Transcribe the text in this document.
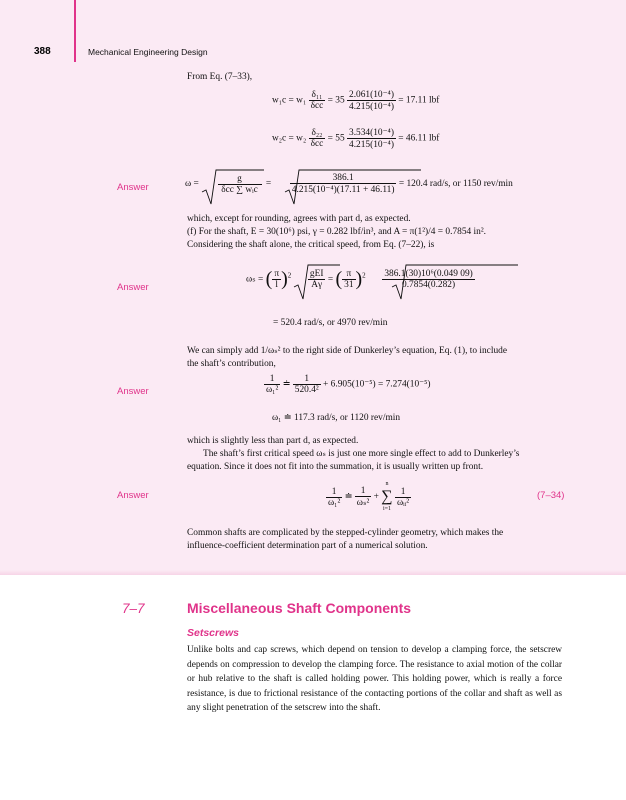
388	Mechanical Engineering Design
From Eq. (7–33),
$w_1c = w_1 \frac{\text{δ₁₁}}{\text{δcc}} = 35 \frac{\text{2.061(10⁻⁴)}}{\text{4.215(10⁻⁴)}} = 17.11$ lbf
$w_2c = w_2 \frac{\text{δ₂₂}}{\text{δcc}} = 55 \frac{\text{3.534(10⁻⁴)}}{\text{4.215(10⁻⁴)}} = 46.11$ lbf
Answer	$\omega = \frac{g}{\text{δcc ∑ wᵢc}} = \frac{386.1}{\text{4.215(10⁻⁴)(17.11 + 46.11)}} = 120.4$ rad/s, or 1150 rev/min
which, except for rounding, agrees with part d, as expected.
(f) For the shaft, E = 30(10⁶) psi, γ = 0.282 lbf/in³, and A = π(1²)/4 = 0.7854 in².
Considering the shaft alone, the critical speed, from Eq. (7–22), is
Answer
ωₛ = ( $\frac{\pi}{l} )^2 \frac{\text{gEI}}{A\gamma}$ = ( $\frac{\pi}{31} )^2 \frac{\text{386.1(30)10⁶(0.049 09)}}{0.7854(0.282)}$
= 520.4 rad/s, or 4970 rev/min
We can simply add 1/ωₛ² to the right side of Dunkerley’s equation, Eq. (1), to include
the shaft’s contribution,
Answer	$\frac{1}{\text{ω₁²}}$ ≐ $\frac{1}{\text{520.4²}} + 6.905(10^{-5}) = 7.274(10^{-5})$
ω₁ ≐ 117.3 rad/s, or 1120 rev/min
which is slightly less than part d, as expected.
The shaft’s first critical speed ωₛ is just one more single effect to add to Dunkerley’s
equation. Since it does not fit into the summation, it is usually written up front.
Answer	$\frac{1}{\text{ω₁²}}$ ≐ $\frac{1}{\text{ωₛ²}}$ +
n
∑
i=1

$\frac{1}{\text{ωᵢᵢ²}}$	(7–34)
Common shafts are complicated by the stepped-cylinder geometry, which makes the
influence-coefficient determination part of a numerical solution.
7–7	Miscellaneous Shaft Components
Setscrews
Unlike bolts and cap screws, which depend on tension to develop a clamping force, the setscrew depends on compression to develop the clamping force. The resistance to axial motion of the collar or hub relative to the shaft is called holding power. This holding power, which is really a force resistance, is due to frictional resistance of the contacting portions of the collar and shaft as well as any slight penetration of the setscrew into the shaft.
